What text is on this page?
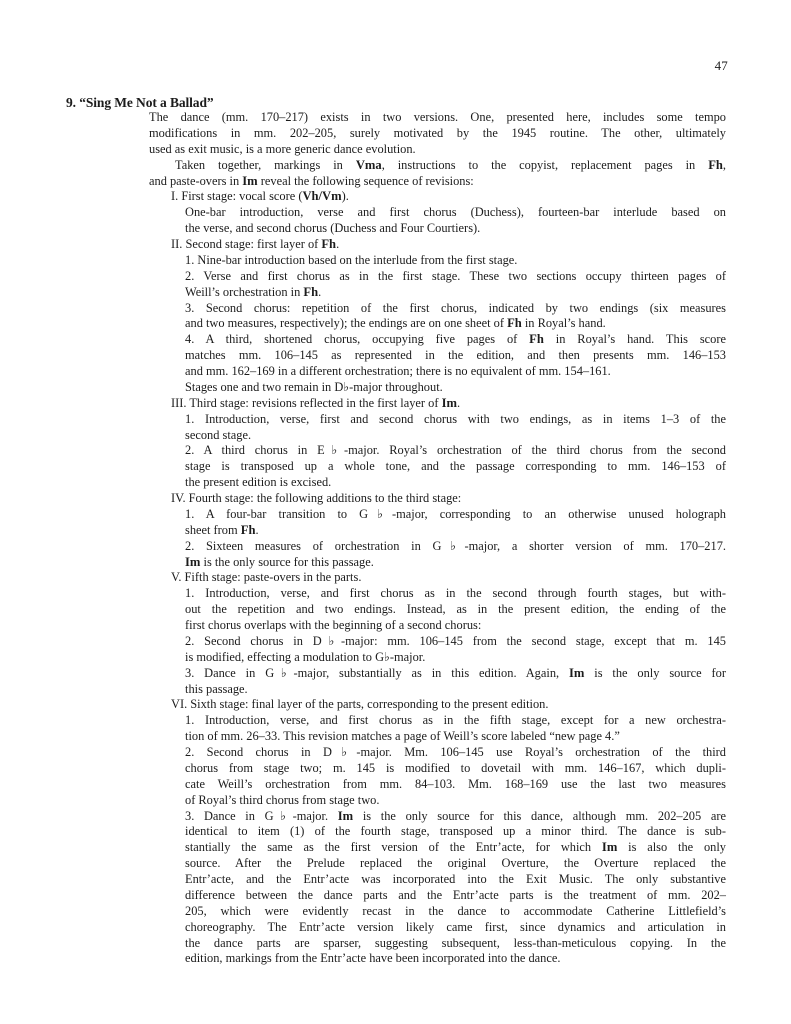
47
9. “Sing Me Not a Ballad”
The dance (mm. 170–217) exists in two versions. One, presented here, includes some tempo
modifications in mm. 202–205, surely motivated by the 1945 routine. The other, ultimately
used as exit music, is a more generic dance evolution.
Taken together, markings in Vma, instructions to the copyist, replacement pages in Fh,
and paste-overs in Im reveal the following sequence of revisions:
I. First stage: vocal score (Vh/Vm).
One-bar introduction, verse and first chorus (Duchess), fourteen-bar interlude based on
the verse, and second chorus (Duchess and Four Courtiers).
II. Second stage: first layer of Fh.
1. Nine-bar introduction based on the interlude from the first stage.
2. Verse and first chorus as in the first stage. These two sections occupy thirteen pages of
Weill’s orchestration in Fh.
3. Second chorus: repetition of the first chorus, indicated by two endings (six measures
and two measures, respectively); the endings are on one sheet of Fh in Royal’s hand.
4. A third, shortened chorus, occupying five pages of Fh in Royal’s hand. This score
matches mm. 106–145 as represented in the edition, and then presents mm. 146–153
and mm. 162–169 in a different orchestration; there is no equivalent of mm. 154–161.
Stages one and two remain in D♭-major throughout.
III. Third stage: revisions reflected in the first layer of Im.
1. Introduction, verse, first and second chorus with two endings, as in items 1–3 of the
second stage.
2. A third chorus in E♭-major. Royal’s orchestration of the third chorus from the second
stage is transposed up a whole tone, and the passage corresponding to mm. 146–153 of
the present edition is excised.
IV. Fourth stage: the following additions to the third stage:
1. A four-bar transition to G♭-major, corresponding to an otherwise unused holograph
sheet from Fh.
2. Sixteen measures of orchestration in G♭-major, a shorter version of mm. 170–217.
Im is the only source for this passage.
V. Fifth stage: paste-overs in the parts.
1. Introduction, verse, and first chorus as in the second through fourth stages, but with-
out the repetition and two endings. Instead, as in the present edition, the ending of the
first chorus overlaps with the beginning of a second chorus:
2. Second chorus in D♭-major: mm. 106–145 from the second stage, except that m. 145
is modified, effecting a modulation to G♭-major.
3. Dance in G♭-major, substantially as in this edition. Again, Im is the only source for
this passage.
VI. Sixth stage: final layer of the parts, corresponding to the present edition.
1. Introduction, verse, and first chorus as in the fifth stage, except for a new orchestra-
tion of mm. 26–33. This revision matches a page of Weill’s score labeled “new page 4.”
2. Second chorus in D♭-major. Mm. 106–145 use Royal’s orchestration of the third
chorus from stage two; m. 145 is modified to dovetail with mm. 146–167, which dupli-
cate Weill’s orchestration from mm. 84–103. Mm. 168–169 use the last two measures
of Royal’s third chorus from stage two.
3. Dance in G♭-major. Im is the only source for this dance, although mm. 202–205 are
identical to item (1) of the fourth stage, transposed up a minor third. The dance is sub-
stantially the same as the first version of the Entr’acte, for which Im is also the only
source. After the Prelude replaced the original Overture, the Overture replaced the
Entr’acte, and the Entr’acte was incorporated into the Exit Music. The only substantive
difference between the dance parts and the Entr’acte parts is the treatment of mm. 202–
205, which were evidently recast in the dance to accommodate Catherine Littlefield’s
choreography. The Entr’acte version likely came first, since dynamics and articulation in
the dance parts are sparser, suggesting subsequent, less-than-meticulous copying. In the
edition, markings from the Entr’acte have been incorporated into the dance.
